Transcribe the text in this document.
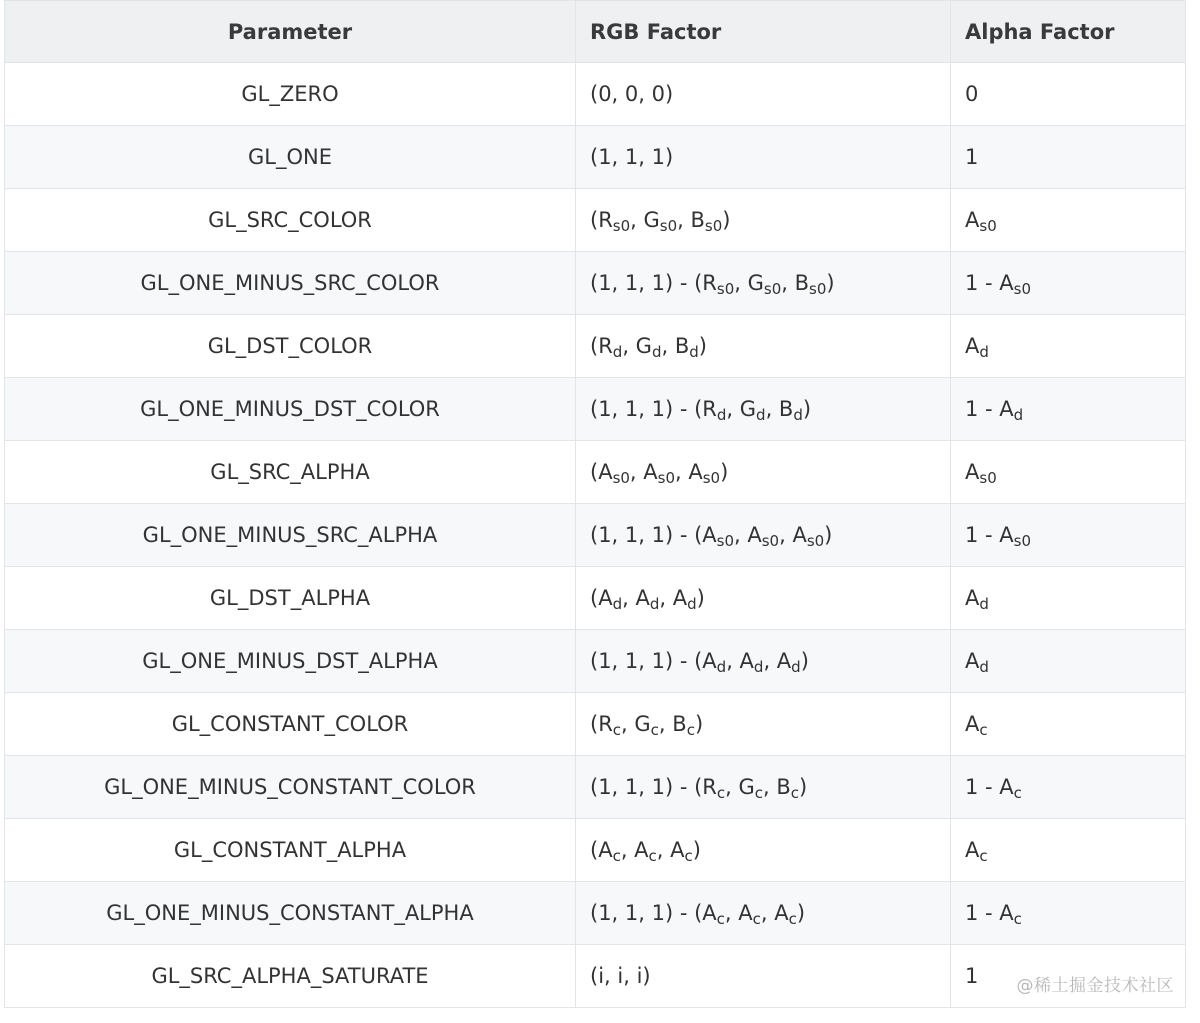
Parameter	RGB Factor	Alpha Factor
GL_ZERO	(0, 0, 0)	0
GL_ONE	(1, 1, 1)	1
GL_SRC_COLOR	($R_{s0}$, $G_{s0}$, $B_{s0}$)	$A_{s0}$
GL_ONE_MINUS_SRC_COLOR	(1, 1, $1) - (R_{s0}$, $G_{s0}$, $B_{s0}$)	$1 - A_{s0}$
GL_DST_COLOR	($R_d$, $G_d$, $B_d$)	$A_d$
GL_ONE_MINUS_DST_COLOR	(1, 1, $1) - (R_d$, $G_d$, $B_d$)	$1 - A_d$
GL_SRC_ALPHA	($A_{s0}$, $A_{s0}$, $A_{s0}$)	$A_{s0}$
GL_ONE_MINUS_SRC_ALPHA	(1, 1, $1) - (A_{s0}$, $A_{s0}$, $A_{s0}$)	$1 - A_{s0}$
GL_DST_ALPHA	($A_d$, $A_d$, $A_d$)	$A_d$
GL_ONE_MINUS_DST_ALPHA	(1, 1, $1) - (A_d$, $A_d$, $A_d$)	$A_d$
GL_CONSTANT_COLOR	($R_c$, $G_c$, $B_c$)	$A_c$
GL_ONE_MINUS_CONSTANT_COLOR	(1, 1, $1) - (R_c$, $G_c$, $B_c$)	$1 - A_c$
GL_CONSTANT_ALPHA	($A_c$, $A_c$, $A_c$)	$A_c$
GL_ONE_MINUS_CONSTANT_ALPHA	(1, 1, $1) - (A_c$, $A_c$, $A_c$)	$1 - A_c$
GL_SRC_ALPHA_SATURATE	(i, i, i)	1 @稀土掘金技术社区
